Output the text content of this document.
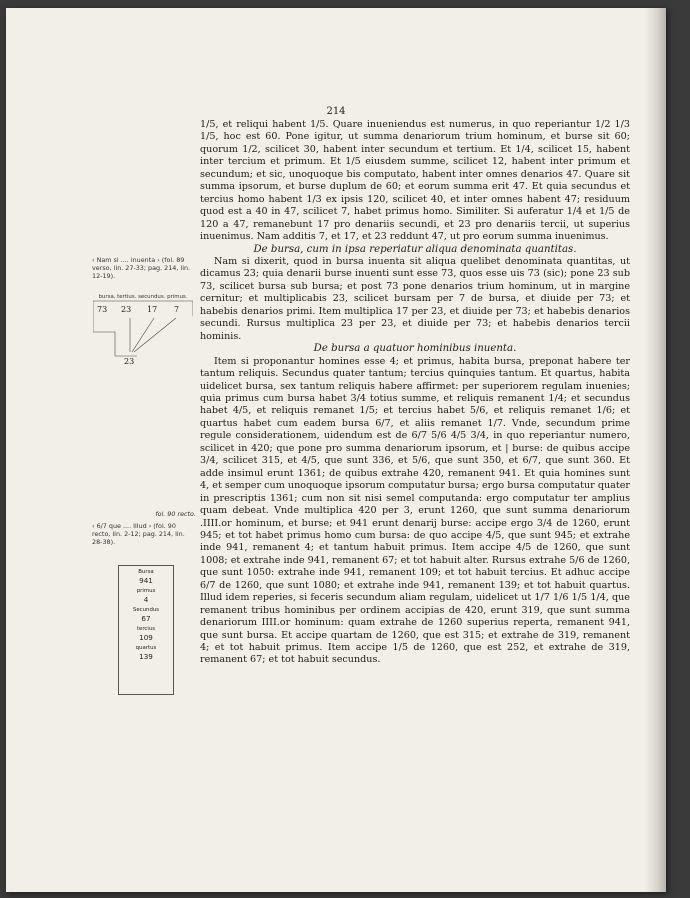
214
‹ Nam si .... inuenta › (fol. 89 verso, lin. 27-33; pag. 214, lin. 12-19).
bursa. tertius. secundus. primus.
73 23 17 7
23
fol. 90 recto.
‹ 6/7 que .... Illud › (fol. 90 recto, lin. 2-12; pag. 214, lin. 28-38).
Bursa
941
primus
4
Secundus
67
tercius
109
quartus
139

1/5, et reliqui habent 1/5. Quare inueniendus est numerus, in quo reperiantur 1/2 1/3 1/5, hoc est 60. Pone igitur, ut summa denariorum trium hominum, et burse sit 60; quorum 1/2, scilicet 30, habent inter secundum et tertium. Et 1/4, scilicet 15, habent inter tercium et primum. Et 1/5 eiusdem summe, scilicet 12, habent inter primum et secundum; et sic, unoquoque bis computato, habent inter omnes denarios 47. Quare sit summa ipsorum, et burse duplum de 60; et eorum summa erit 47. Et quia secundus et tercius homo habent 1/3 ex ipsis 120, scilicet 40, et inter omnes habent 47; residuum quod est a 40 in 47, scilicet 7, habet primus homo. Similiter. Si auferatur 1/4 et 1/5 de 120 a 47, remanebunt 17 pro denariis secundi, et 23 pro denariis tercii, ut superius inuenimus. Nam additis 7, et 17, et 23 reddunt 47, ut pro eorum summa inuenimus.

De bursa, cum in ipsa reperiatur aliqua denominata quantitas.

Nam si dixerit, quod in bursa inuenta sit aliqua quelibet denominata quantitas, ut dicamus 23; quia denarii burse inuenti sunt esse 73, quos esse uis 73 (sic); pone 23 sub 73, scilicet bursa sub bursa; et post 73 pone denarios trium hominum, ut in margine cernitur; et multiplicabis 23, scilicet bursam per 7 de bursa, et diuide per 73; et habebis denarios primi. Item multiplica 17 per 23, et diuide per 73; et habebis denarios secundi. Rursus multiplica 23 per 23, et diuide per 73; et habebis denarios tercii hominis.

De bursa a quatuor hominibus inuenta.

Item si proponantur homines esse 4; et primus, habita bursa, preponat habere ter tantum reliquis. Secundus quater tantum; tercius quinquies tantum. Et quartus, habita uidelicet bursa, sex tantum reliquis habere affirmet: per superiorem regulam inuenies; quia primus cum bursa habet 3/4 totius summe, et reliquis remanent 1/4; et secundus habet 4/5, et reliquis remanet 1/5; et tercius habet 5/6, et reliquis remanet 1/6; et quartus habet cum eadem bursa 6/7, et aliis remanet 1/7. Vnde, secundum prime regule considerationem, uidendum est de 6/7 5/6 4/5 3/4, in quo reperiantur numero, scilicet in 420; que pone pro summa denariorum ipsorum, et | burse: de quibus accipe 3/4, scilicet 315, et 4/5, que sunt 336, et 5/6, que sunt 350, et 6/7, que sunt 360. Et adde insimul erunt 1361; de quibus extrahe 420, remanent 941. Et quia homines sunt 4, et semper cum unoquoque ipsorum computatur bursa; ergo bursa computatur quater in prescriptis 1361; cum non sit nisi semel computanda: ergo computatur ter amplius quam debeat. Vnde multiplica 420 per 3, erunt 1260, que sunt summa denariorum .IIII.or hominum, et burse; et 941 erunt denarij burse: accipe ergo 3/4 de 1260, erunt 945; et tot habet primus homo cum bursa: de quo accipe 4/5, que sunt 945; et extrahe inde 941, remanent 4; et tantum habuit primus. Item accipe 4/5 de 1260, que sunt 1008; et extrahe inde 941, remanent 67; et tot habuit alter. Rursus extrahe 5/6 de 1260, que sunt 1050: extrahe inde 941, remanent 109; et tot habuit tercius. Et adhuc accipe 6/7 de 1260, que sunt 1080; et extrahe inde 941, remanent 139; et tot habuit quartus. Illud idem reperies, si feceris secundum aliam regulam, uidelicet ut 1/7 1/6 1/5 1/4, que remanent tribus hominibus per ordinem accipias de 420, erunt 319, que sunt summa denariorum IIII.or hominum: quam extrahe de 1260 superius reperta, remanent 941, que sunt bursa. Et accipe quartam de 1260, que est 315; et extrahe de 319, remanent 4; et tot habuit primus. Item accipe 1/5 de 1260, que est 252, et extrahe de 319, remanent 67; et tot habuit secundus.
